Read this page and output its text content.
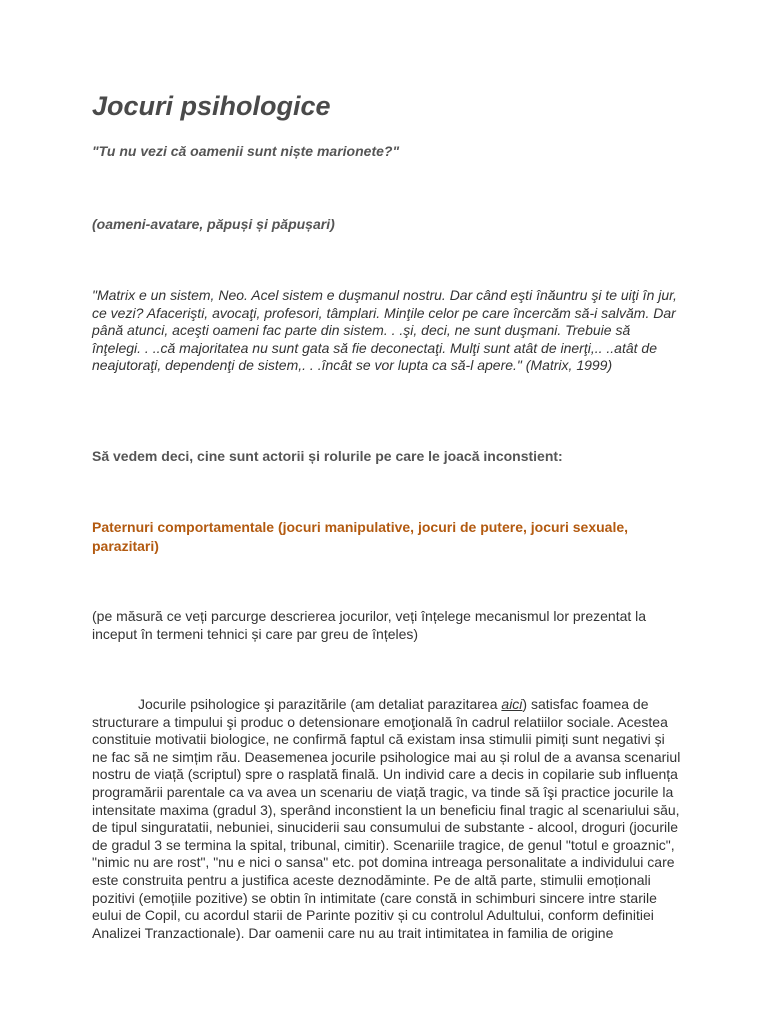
Jocuri psihologice
"Tu nu vezi că oamenii sunt niște marionete?"
(oameni-avatare, păpuși și păpușari)

"Matrix e un sistem, Neo. Acel sistem e duşmanul nostru. Dar când eşti înăuntru şi te uiţi în jur, ce vezi? Afacerişti, avocaţi, profesori, tâmplari. Minţile celor pe care încercăm să-i salvăm. Dar până atunci, aceşti oameni fac parte din sistem. . .şi, deci, ne sunt duşmani. Trebuie să înţelegi. . ..că majoritatea nu sunt gata să fie deconectaţi. Mulţi sunt atât de inerţi,.. ..atât de neajutoraţi, dependenţi de sistem,. . .încât se vor lupta ca să-l apere." (Matrix, 1999)

Să vedem deci, cine sunt actorii și rolurile pe care le joacă inconstient:

Paternuri comportamentale (jocuri manipulative, jocuri de putere, jocuri sexuale, parazitari)

(pe măsură ce veți parcurge descrierea jocurilor, veți înțelege mecanismul lor prezentat la inceput în termeni tehnici și care par greu de înțeles)

Jocurile psihologice şi parazitările (am detaliat parazitarea aici) satisfac foamea de structurare a timpului şi produc o detensionare emoţională în cadrul relatiilor sociale. Acestea constituie motivatii biologice, ne confirmă faptul că existam insa stimulii pimiți sunt negativi și ne fac să ne simțim rău. Deasemenea jocurile psihologice mai au și rolul de a avansa scenariul nostru de viață (scriptul) spre o rasplată finală. Un individ care a decis in copilarie sub influența programării parentale ca va avea un scenariu de viață tragic, va tinde să îşi practice jocurile la intensitate maxima (gradul 3), sperând inconstient la un beneficiu final tragic al scenariului său, de tipul singuratatii, nebuniei, sinuciderii sau consumului de substante - alcool, droguri (jocurile de gradul 3 se termina la spital, tribunal, cimitir). Scenariile tragice, de genul "totul e groaznic", "nimic nu are rost", "nu e nici o sansa" etc. pot domina intreaga personalitate a individului care este construita pentru a justifica aceste deznodăminte. Pe de altă parte, stimulii emoționali pozitivi (emoțiile pozitive) se obtin în intimitate (care constă in schimburi sincere intre starile eului de Copil, cu acordul starii de Parinte pozitiv și cu controlul Adultului, conform definitiei Analizei Tranzactionale). Dar oamenii care nu au trait intimitatea in familia de origine
